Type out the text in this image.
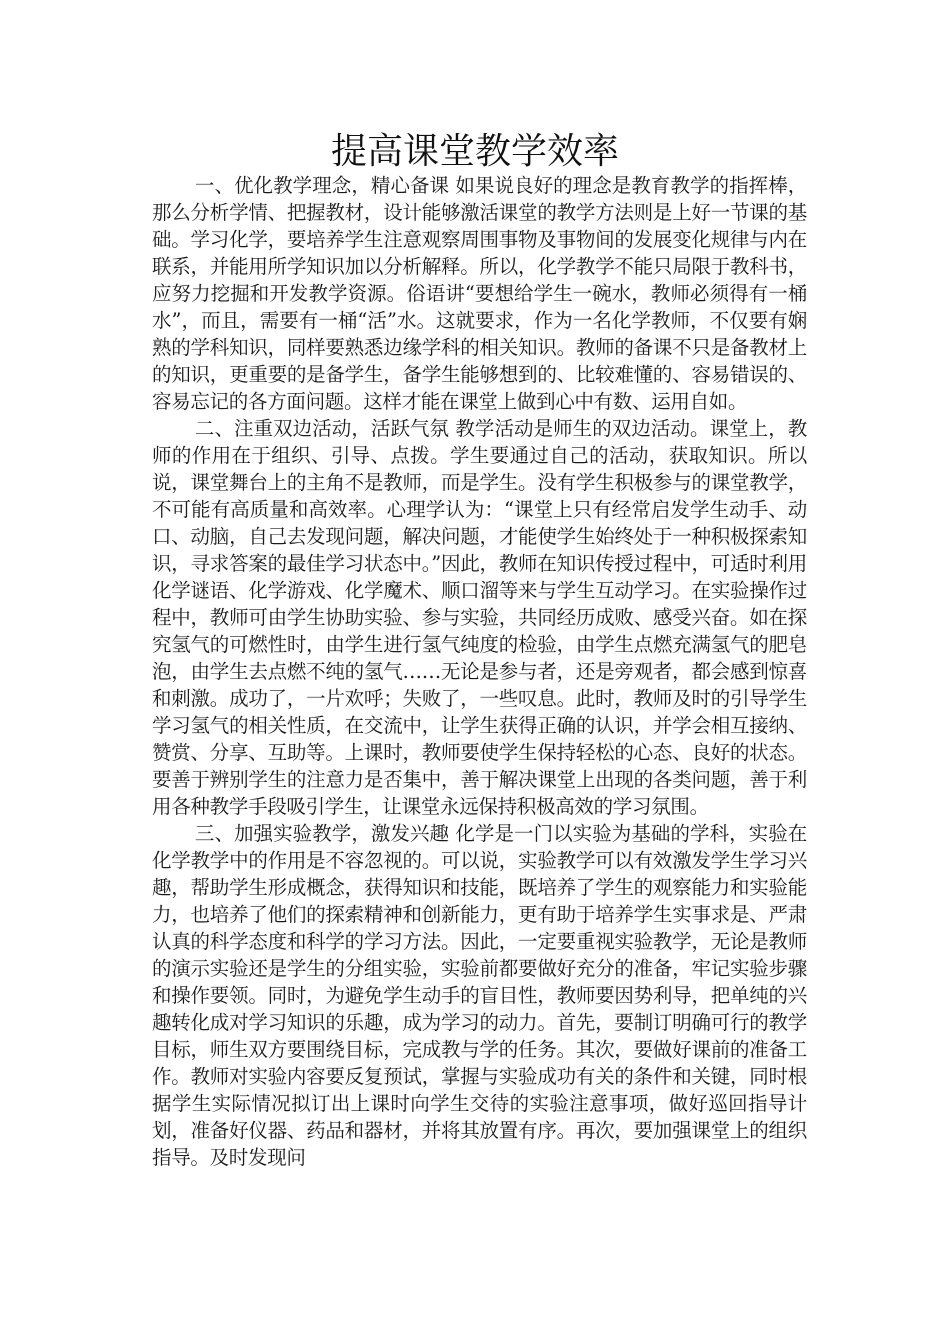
提高课堂教学效率

一、优化教学理念，精心备课 如果说良好的理念是教育教学的指挥棒，那么分析学情、把握教材，设计能够激活课堂的教学方法则是上好一节课的基础。学习化学，要培养学生注意观察周围事物及事物间的发展变化规律与内在联系，并能用所学知识加以分析解释。所以，化学教学不能只局限于教科书，应努力挖掘和开发教学资源。俗语讲“要想给学生一碗水，教师必须得有一桶水”，而且，需要有一桶“活”水。这就要求，作为一名化学教师，不仅要有娴熟的学科知识，同样要熟悉边缘学科的相关知识。教师的备课不只是备教材上的知识，更重要的是备学生，备学生能够想到的、比较难懂的、容易错误的、容易忘记的各方面问题。这样才能在课堂上做到心中有数、运用自如。

二、注重双边活动，活跃气氛 教学活动是师生的双边活动。课堂上，教师的作用在于组织、引导、点拨。学生要通过自己的活动，获取知识。所以说，课堂舞台上的主角不是教师，而是学生。没有学生积极参与的课堂教学，不可能有高质量和高效率。心理学认为：“课堂上只有经常启发学生动手、动口、动脑，自己去发现问题，解决问题，才能使学生始终处于一种积极探索知识，寻求答案的最佳学习状态中。”因此，教师在知识传授过程中，可适时利用化学谜语、化学游戏、化学魔术、顺口溜等来与学生互动学习。在实验操作过程中，教师可由学生协助实验、参与实验，共同经历成败、感受兴奋。如在探究氢气的可燃性时，由学生进行氢气纯度的检验，由学生点燃充满氢气的肥皂泡，由学生去点燃不纯的氢气……无论是参与者，还是旁观者，都会感到惊喜和刺激。成功了，一片欢呼；失败了，一些叹息。此时，教师及时的引导学生学习氢气的相关性质，在交流中，让学生获得正确的认识，并学会相互接纳、赞赏、分享、互助等。上课时，教师要使学生保持轻松的心态、良好的状态。要善于辨别学生的注意力是否集中，善于解决课堂上出现的各类问题，善于利用各种教学手段吸引学生，让课堂永远保持积极高效的学习氛围。

三、加强实验教学，激发兴趣 化学是一门以实验为基础的学科，实验在化学教学中的作用是不容忽视的。可以说，实验教学可以有效激发学生学习兴趣，帮助学生形成概念，获得知识和技能，既培养了学生的观察能力和实验能力，也培养了他们的探索精神和创新能力，更有助于培养学生实事求是、严肃认真的科学态度和科学的学习方法。因此，一定要重视实验教学，无论是教师的演示实验还是学生的分组实验，实验前都要做好充分的准备，牢记实验步骤和操作要领。同时，为避免学生动手的盲目性，教师要因势利导，把单纯的兴趣转化成对学习知识的乐趣，成为学习的动力。首先，要制订明确可行的教学目标，师生双方要围绕目标，完成教与学的任务。其次，要做好课前的准备工作。教师对实验内容要反复预试，掌握与实验成功有关的条件和关键，同时根据学生实际情况拟订出上课时向学生交待的实验注意事项，做好巡回指导计划，准备好仪器、药品和器材，并将其放置有序。再次，要加强课堂上的组织指导。及时发现问
